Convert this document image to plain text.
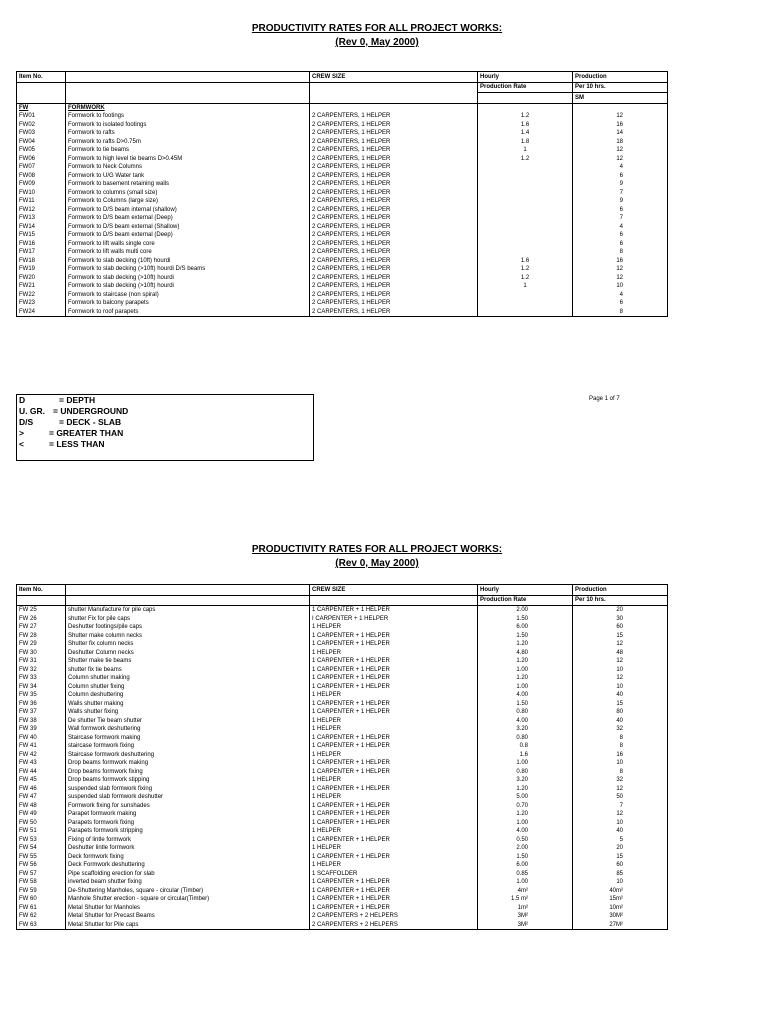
PRODUCTIVITY RATES FOR ALL PROJECT WORKS:
(Rev 0, May 2000)
Item No.		CREW SIZE	Hourly	Production
			Production Rate	Per 10 hrs.
				SM
FW	FORMWORK			
FW01	Formwork to footings	2 CARPENTERS, 1 HELPER	1.2	12
FW02	Formwork to isolated footings	2 CARPENTERS, 1 HELPER	1.6	16
FW03	Formwork to rafts	2 CARPENTERS, 1 HELPER	1.4	14
FW04	Formwork to rafts D>0.75m	2 CARPENTERS, 1 HELPER	1.8	18
FW05	Formwork to tie beams	2 CARPENTERS, 1 HELPER	1	12
FW06	Formwork to high level tie beams D>0.45M	2 CARPENTERS, 1 HELPER	1.2	12
FW07	Formwork to Neck Columns	2 CARPENTERS, 1 HELPER		4
FW08	Formwork to U/G Water tank	2 CARPENTERS, 1 HELPER		6
FW09	Formwork to basement retaining walls	2 CARPENTERS, 1 HELPER		9
FW10	Formwork to columns (small size)	2 CARPENTERS, 1 HELPER		7
FW11	Formwork to Columns (large size)	2 CARPENTERS, 1 HELPER		9
FW12	Formwork to D/S beam internal (shallow)	2 CARPENTERS, 1 HELPER		6
FW13	Formwork to D/S beam external (Deep)	2 CARPENTERS, 1 HELPER		7
FW14	Formwork to D/S beam external (Shallow)	2 CARPENTERS, 1 HELPER		4
FW15	Formwork to D/S beam external (Deep)	2 CARPENTERS, 1 HELPER		6
FW16	Formwork to lift walls single core	2 CARPENTERS, 1 HELPER		6
FW17	Formwork to lift walls multi core	2 CARPENTERS, 1 HELPER		8
FW18	Formwork to slab decking (10ft) hourdi	2 CARPENTERS, 1 HELPER	1.6	16
FW19	Formwork to slab decking (>10ft) hourdi D/S beams	2 CARPENTERS, 1 HELPER	1.2	12
FW20	Formwork to slab decking (>10ft) hourdi	2 CARPENTERS, 1 HELPER	1.2	12
FW21	Formwork to slab decking (>10ft) hourdi	2 CARPENTERS, 1 HELPER	1	10
FW22	Formwork to staircase (non spiral)	2 CARPENTERS, 1 HELPER		4
FW23	Formwork to balcony parapets	2 CARPENTERS, 1 HELPER		6
FW24	Formwork to roof parapets	2 CARPENTERS, 1 HELPER		8
D	= DEPTH
U. GR. = UNDERGROUND
D/S	= DECK - SLAB
>	= GREATER THAN
<	= LESS THAN
Page 1 of 7
PRODUCTIVITY RATES FOR ALL PROJECT WORKS:
(Rev 0, May 2000)
Item No.		CREW SIZE	Hourly	Production
			Production Rate	Per 10 hrs.
FW 25	shutter Manufacture for pile caps	1 CARPENTER + 1 HELPER	2.00	20
FW 26	shutter Fix for pile caps	I CARPENTER + 1 HELPER	1.50	30
FW 27	Deshutter footings/pile caps	1 HELPER	6.00	60
FW 28	Shutter make column necks	1 CARPENTER + 1 HELPER	1.50	15
FW 29	Shutter fix column necks	1 CARPENTER + 1 HELPER	1.20	12
FW 30	Deshutter Column necks	1 HELPER	4.80	48
FW 31	Shutter make tie beams	1 CARPENTER + 1 HELPER	1.20	12
FW 32	shutter fix tie beams	1 CARPENTER + 1 HELPER	1.00	10
FW 33	Column shutter making	1 CARPENTER + 1 HELPER	1.20	12
FW 34	Column shutter fixing	1 CARPENTER + 1 HELPER	1.00	10
FW 35	Column deshuttering	1 HELPER	4.00	40
FW 36	Walls shutter making	1 CARPENTER + 1 HELPER	1.50	15
FW 37	Walls shutter fixing	1 CARPENTER + 1 HELPER	0.80	80
FW 38	De shutter Tie beam shutter	1 HELPER	4.00	40
FW 39	Wall formwork deshuttering	1 HELPER	3.20	32
FW 40	Staircase formwork making	1 CARPENTER + 1 HELPER	0.80	8
FW 41	staircase formwork fixing	1 CARPENTER + 1 HELPER	0.8	8
FW 42	Staircase formwork deshuttering	1 HELPER	1.6	16
FW 43	Drop beams formwork making	1 CARPENTER + 1 HELPER	1.00	10
FW 44	Drop beams formwork fixing	1 CARPENTER + 1 HELPER	0.80	8
FW 45	Drop beams formwork stipping	1 HELPER	3.20	32
FW 46	suspended slab formwork fixing	1 CARPENTER + 1 HELPER	1.20	12
FW 47	suspended slab formwork deshutter	1 HELPER	5.00	50
FW 48	Formwork fixing for sunshades	1 CARPENTER + 1 HELPER	0.70	7
FW 49	Parapet formwork making	1 CARPENTER + 1 HELPER	1.20	12
FW 50	Parapets formwork fixing	1 CARPENTER + 1 HELPER	1.00	10
FW 51	Parapets formwork stripping	1 HELPER	4.00	40
FW 53	Fixing of lintle formwork	1 CARPENTER + 1 HELPER	0.50	5
FW 54	Deshutter lintle formwork	1 HELPER	2.00	20
FW 55	Deck formwork fixing	1 CARPENTER + 1 HELPER	1.50	15
FW 56	Deck Formwork deshuttering	1 HELPER	6.00	60
FW 57	Pipe scaffolding erection for slab	1 SCAFFOLDER	0.85	85
FW 58	inverted beam shutter fixing	1 CARPENTER + 1 HELPER	1.00	10
FW 59	De-Shuttering Manholes, square - circular (Timber)	1 CARPENTER + 1 HELPER	4m²	40m²
FW 60	Manhole Shutter erection - square or circular(Timber)	1 CARPENTER + 1 HELPER	1.5 m²	15m²
FW 61	Metal Shutter for Manholes	1 CARPENTER + 1 HELPER	1m²	10m²
FW 62	Metal Shutter for Precast Beams	2 CARPENTERS + 2 HELPERS	3M²	30M²
FW 63	Metal Shutter for Pile caps	2 CARPENTERS + 2 HELPERS	3M²	27M²
